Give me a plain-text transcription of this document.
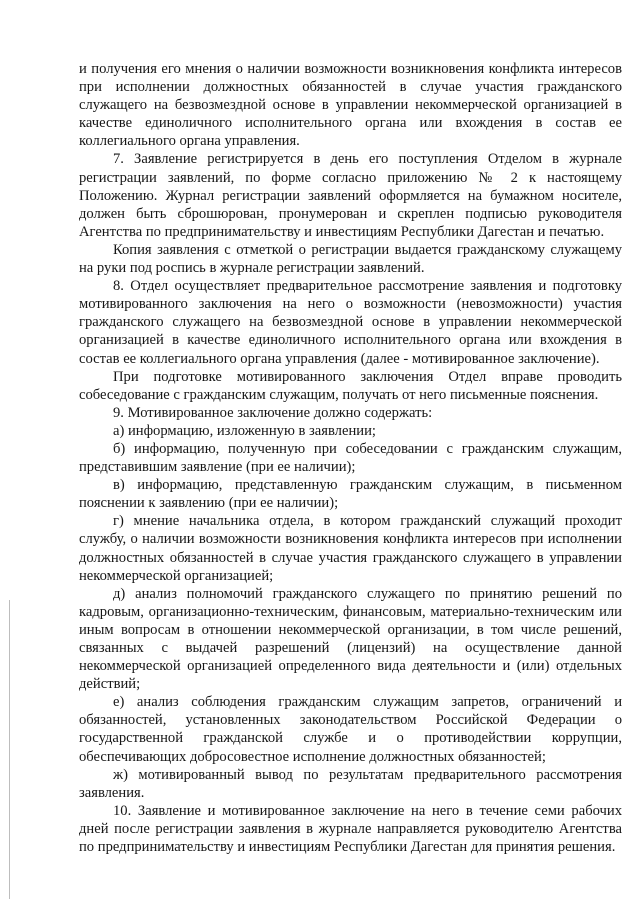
и получения его мнения о наличии возможности возникновения конфликта интересов при исполнении должностных обязанностей в случае участия гражданского служащего на безвозмездной основе в управлении некоммерческой организацией в качестве единоличного исполнительного органа или вхождения в состав ее коллегиального органа управления.

7. Заявление регистрируется в день его поступления Отделом в журнале регистрации заявлений, по форме согласно приложению № 2 к настоящему Положению. Журнал регистрации заявлений оформляется на бумажном носителе, должен быть сброшюрован, пронумерован и скреплен подписью руководителя Агентства по предпринимательству и инвестициям Республики Дагестан и печатью.

Копия заявления с отметкой о регистрации выдается гражданскому служащему на руки под роспись в журнале регистрации заявлений.

8. Отдел осуществляет предварительное рассмотрение заявления и подготовку мотивированного заключения на него о возможности (невозможности) участия гражданского служащего на безвозмездной основе в управлении некоммерческой организацией в качестве единоличного исполнительного органа или вхождения в состав ее коллегиального органа управления (далее - мотивированное заключение).

При подготовке мотивированного заключения Отдел вправе проводить собеседование с гражданским служащим, получать от него письменные пояснения.

9. Мотивированное заключение должно содержать:

а) информацию, изложенную в заявлении;

б) информацию, полученную при собеседовании с гражданским служащим, представившим заявление (при ее наличии);

в) информацию, представленную гражданским служащим, в письменном пояснении к заявлению (при ее наличии);

г) мнение начальника отдела, в котором гражданский служащий проходит службу, о наличии возможности возникновения конфликта интересов при исполнении должностных обязанностей в случае участия гражданского служащего в управлении некоммерческой организацией;

д) анализ полномочий гражданского служащего по принятию решений по кадровым, организационно-техническим, финансовым, материально-техническим или иным вопросам в отношении некоммерческой организации, в том числе решений, связанных с выдачей разрешений (лицензий) на осуществление данной некоммерческой организацией определенного вида деятельности и (или) отдельных действий;

е) анализ соблюдения гражданским служащим запретов, ограничений и обязанностей, установленных законодательством Российской Федерации о государственной гражданской службе и о противодействии коррупции, обеспечивающих добросовестное исполнение должностных обязанностей;

ж) мотивированный вывод по результатам предварительного рассмотрения заявления.

10. Заявление и мотивированное заключение на него в течение семи рабочих дней после регистрации заявления в журнале направляется руководителю Агентства по предпринимательству и инвестициям Республики Дагестан для принятия решения.
